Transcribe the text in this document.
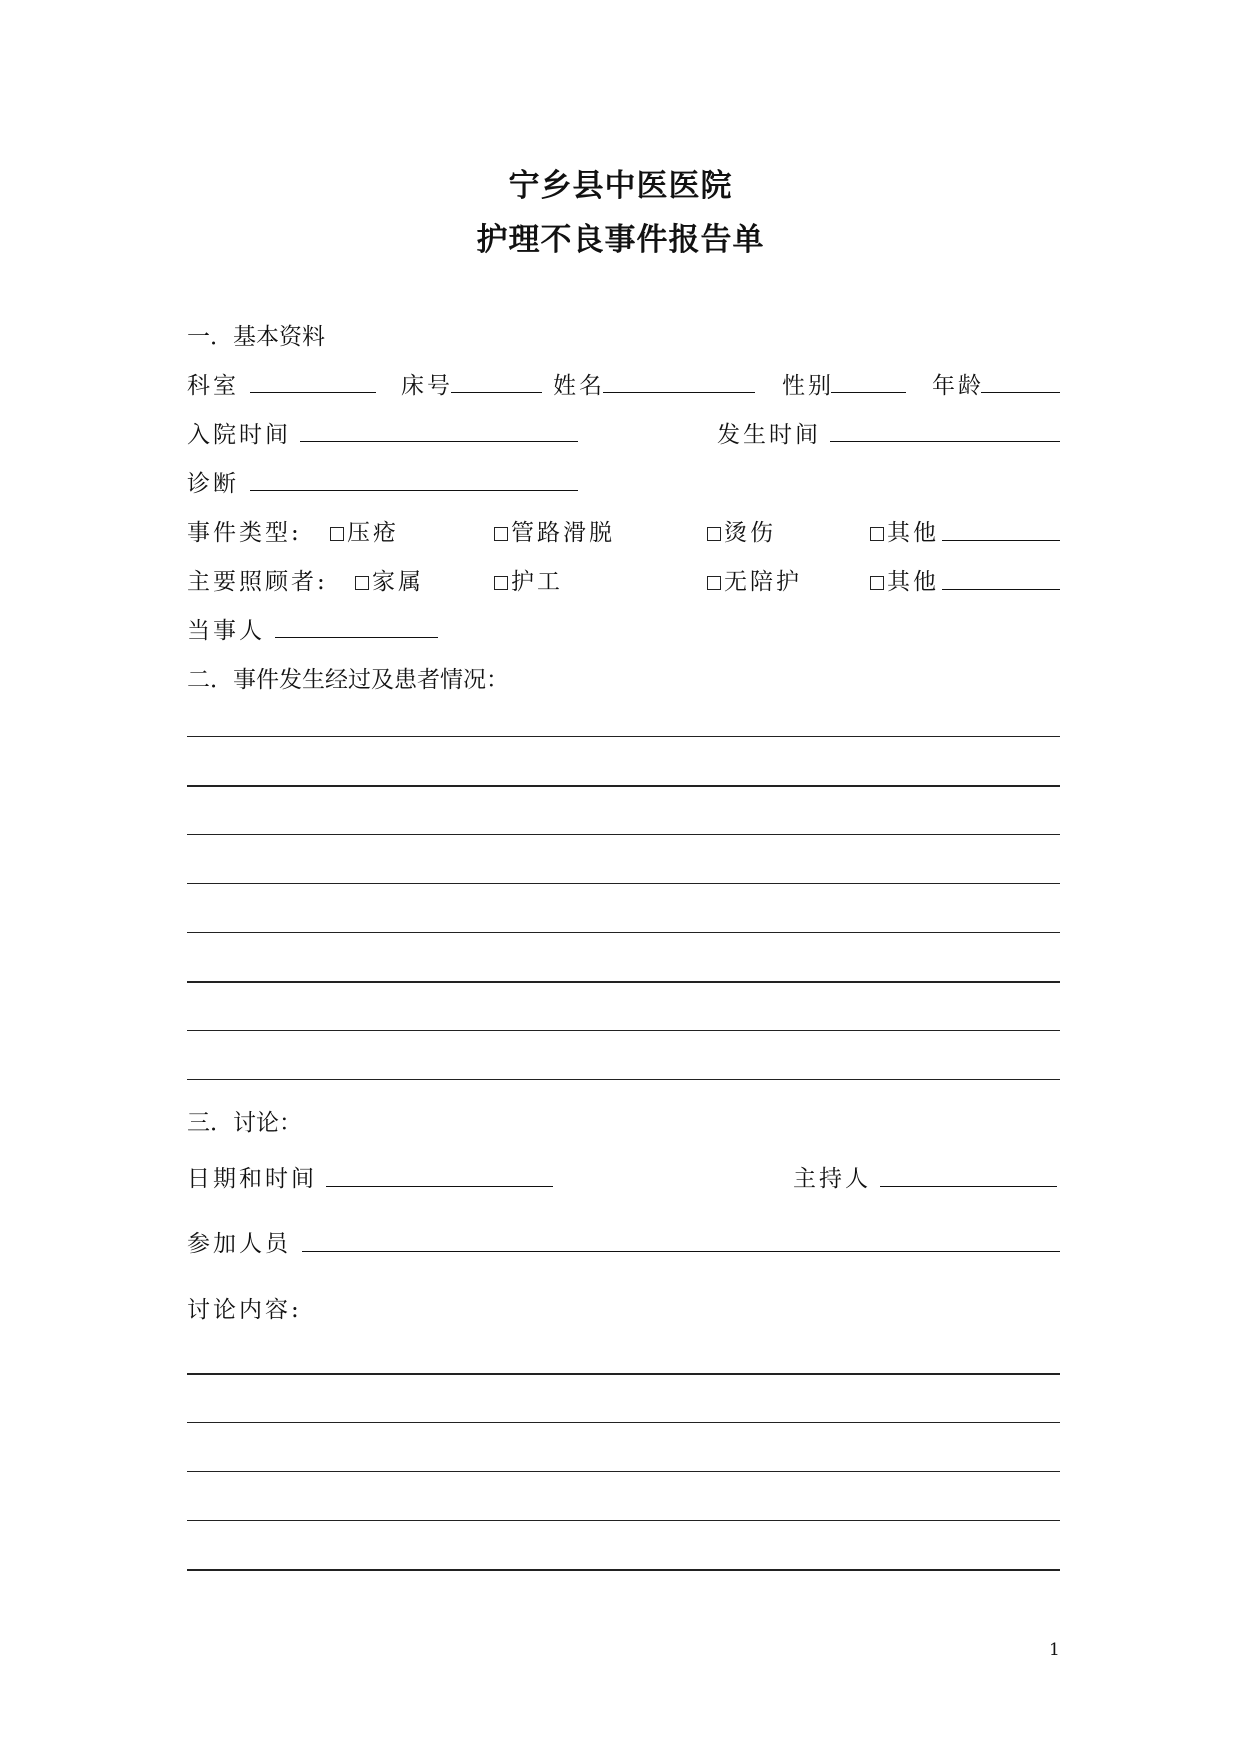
宁乡县中医医院
护理不良事件报告单
一．基本资料
科室	床号	姓名	性别	年龄
入院时间	发生时间
诊断
事件类型:	压疮	管路滑脱	烫伤	其他
主要照顾者:	家属	护工	无陪护	其他
当事人
二．事件发生经过及患者情况：
三．讨论：
日期和时间	主持人
参加人员
讨论内容:
1
